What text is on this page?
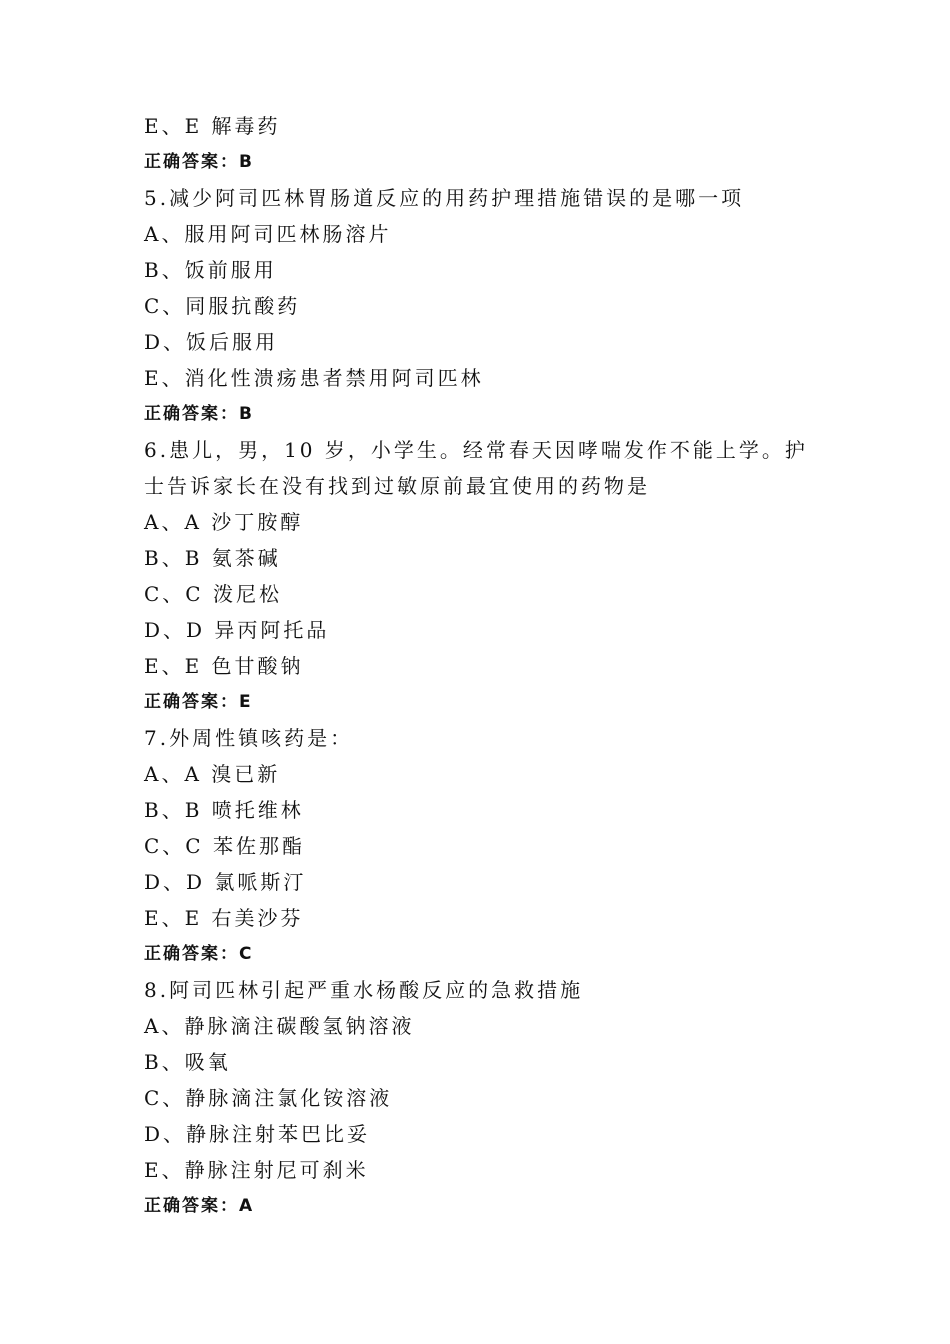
E、E 解毒药
正确答案：B
5.减少阿司匹林胃肠道反应的用药护理措施错误的是哪一项
A、服用阿司匹林肠溶片
B、饭前服用
C、同服抗酸药
D、饭后服用
E、消化性溃疡患者禁用阿司匹林
正确答案：B
6.患儿，男，10 岁，小学生。经常春天因哮喘发作不能上学。护士告诉家长在没有找到过敏原前最宜使用的药物是
A、A 沙丁胺醇
B、B 氨茶碱
C、C 泼尼松
D、D 异丙阿托品
E、E 色甘酸钠
正确答案：E
7.外周性镇咳药是：
A、A 溴已新
B、B 喷托维林
C、C 苯佐那酯
D、D 氯哌斯汀
E、E 右美沙芬
正确答案：C
8.阿司匹林引起严重水杨酸反应的急救措施
A、静脉滴注碳酸氢钠溶液
B、吸氧
C、静脉滴注氯化铵溶液
D、静脉注射苯巴比妥
E、静脉注射尼可刹米
正确答案：A
